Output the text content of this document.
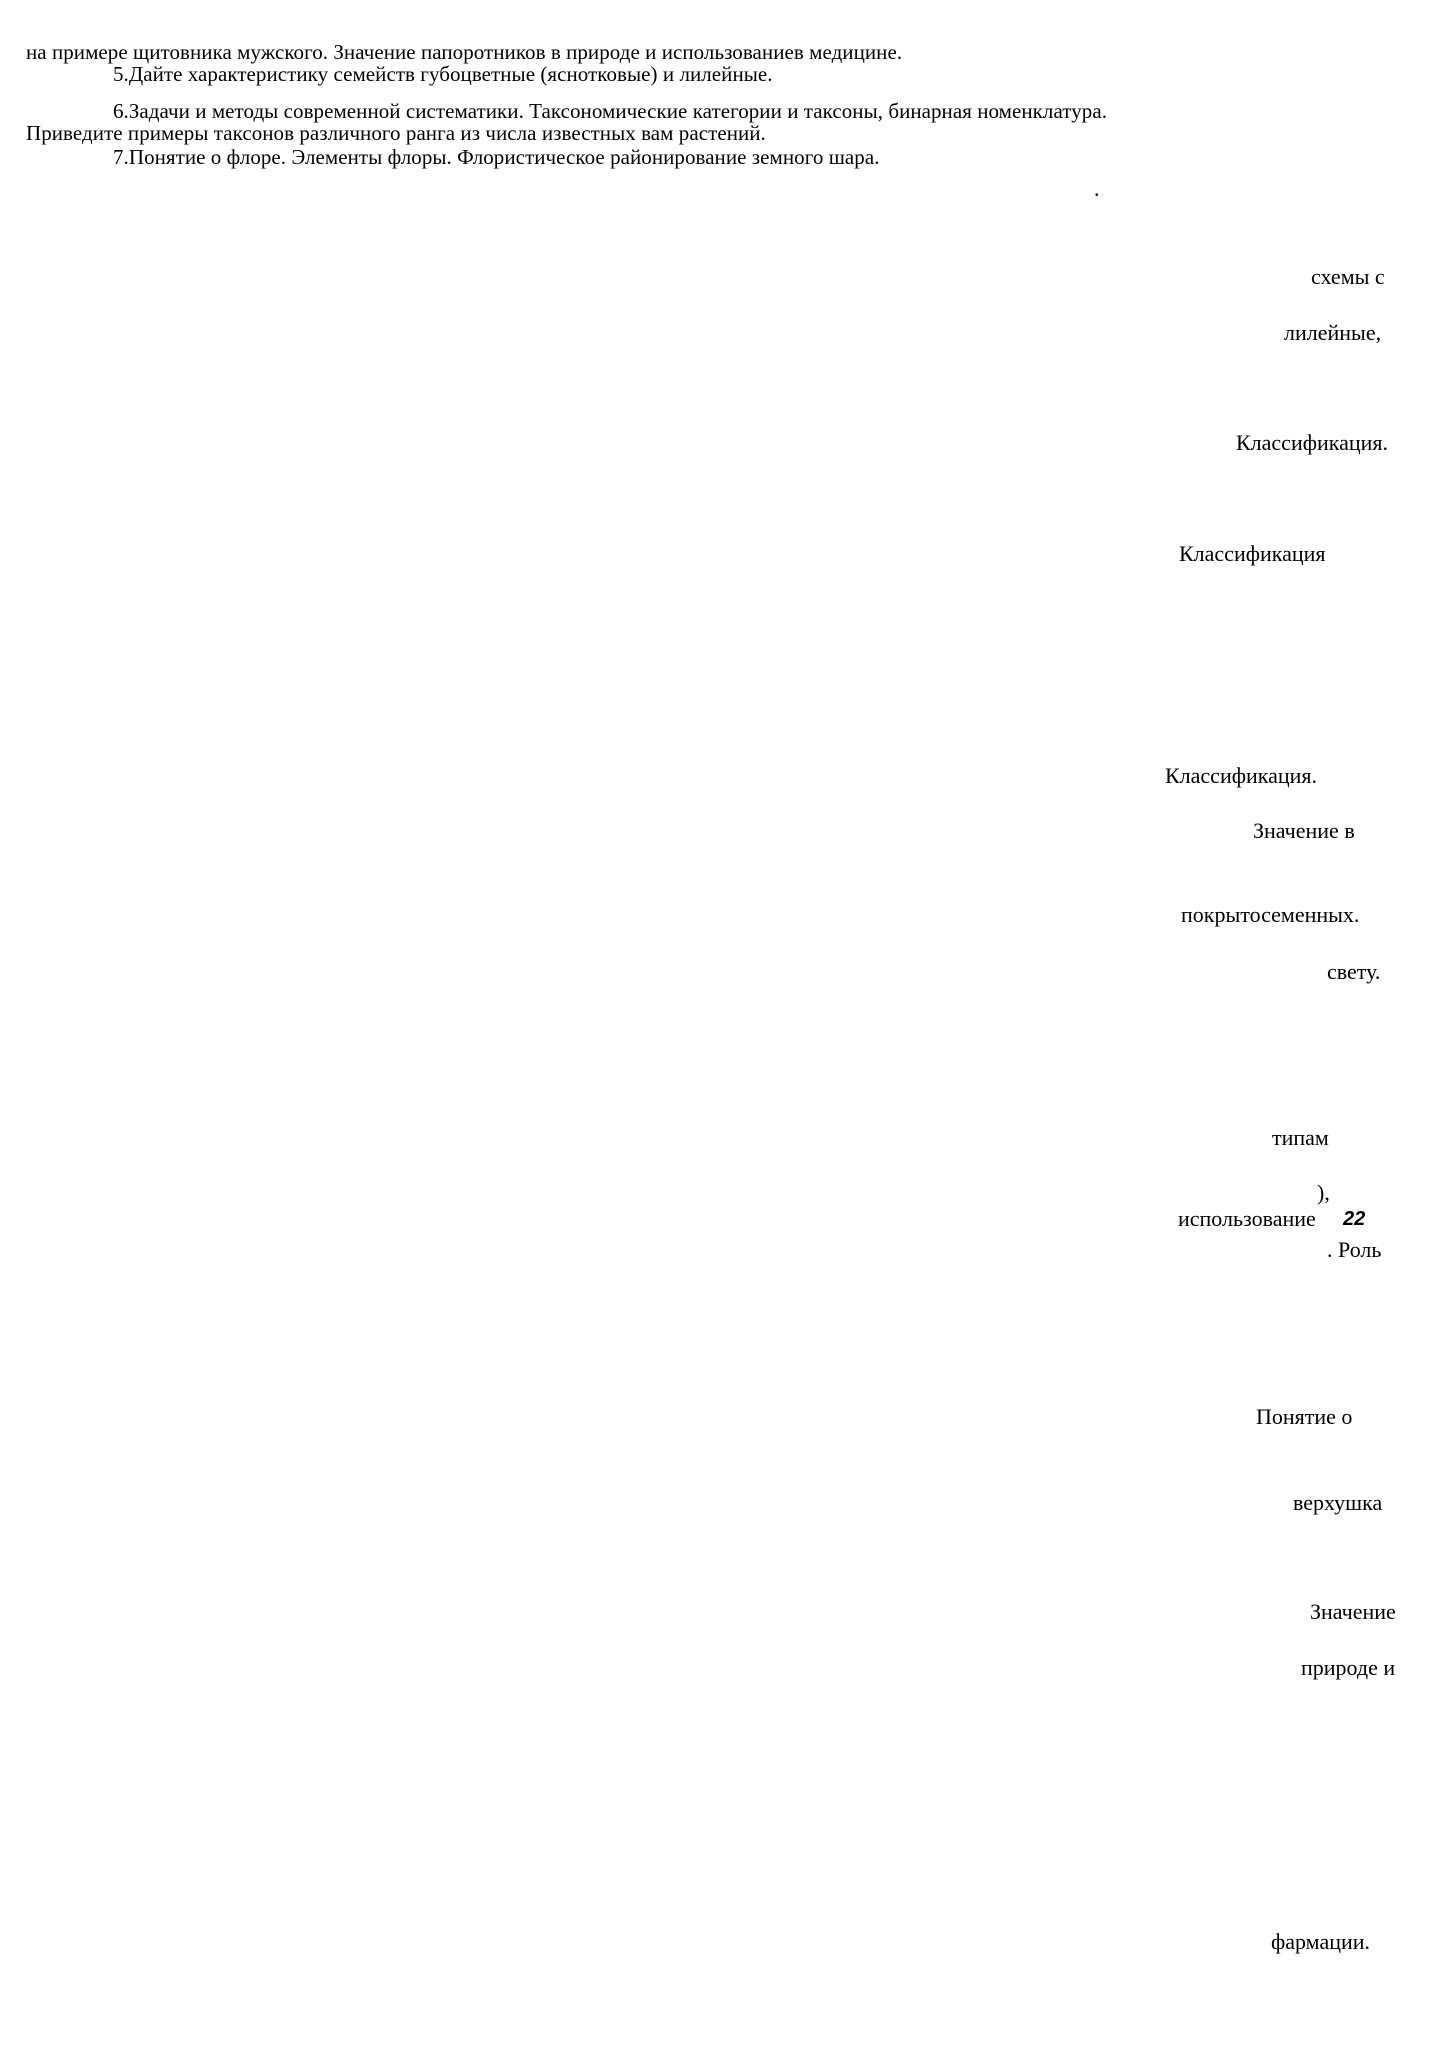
на примере щитовника мужского. Значение папоротников в природе и использованиев медицине.
5.Дайте характеристику семейств губоцветные (яснотковые) и лилейные.
6.Задачи и методы современной систематики. Таксономические категории и таксоны, бинарная номенклатура.
Приведите примеры таксонов различного ранга из числа известных вам растений.
7.Понятие о флоре. Элементы флоры. Флористическое районирование земного шара.
.
схемы с
лилейные,
Классификация.
Классификация
Классификация.
Значение в
покрытосеменных.
свету.
типам
),
использование 22
. Роль
Понятие о
верхушка
Значение
природе и
фармации.
